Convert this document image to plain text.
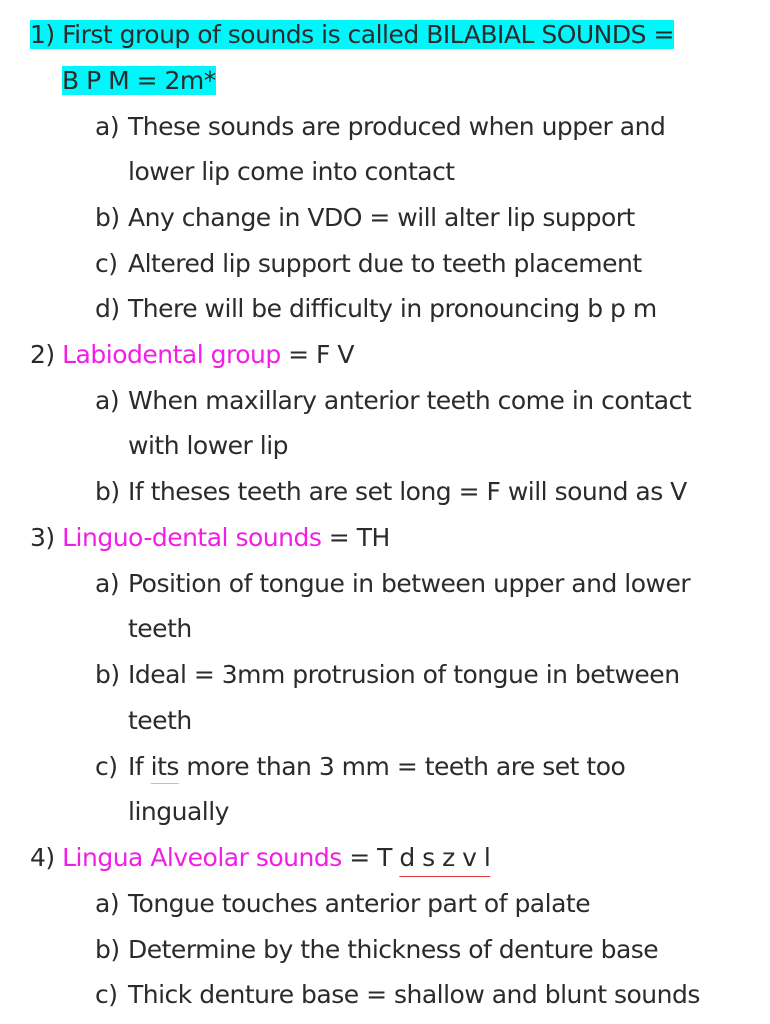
1) First group of sounds is called BILABIAL SOUNDS =
B P M = 2m*
a) These sounds are produced when upper and
lower lip come into contact
b) Any change in VDO = will alter lip support
c) Altered lip support due to teeth placement
d) There will be difficulty in pronouncing b p m
2) Labiodental group = F V
a) When maxillary anterior teeth come in contact
with lower lip
b) If theses teeth are set long = F will sound as V
3) Linguo-dental sounds = TH
a) Position of tongue in between upper and lower
teeth
b) Ideal = 3mm protrusion of tongue in between
teeth
c) If its more than 3 mm = teeth are set too
lingually
4) Lingua Alveolar sounds = T d s z v l
a) Tongue touches anterior part of palate
b) Determine by the thickness of denture base
c) Thick denture base = shallow and blunt sounds
